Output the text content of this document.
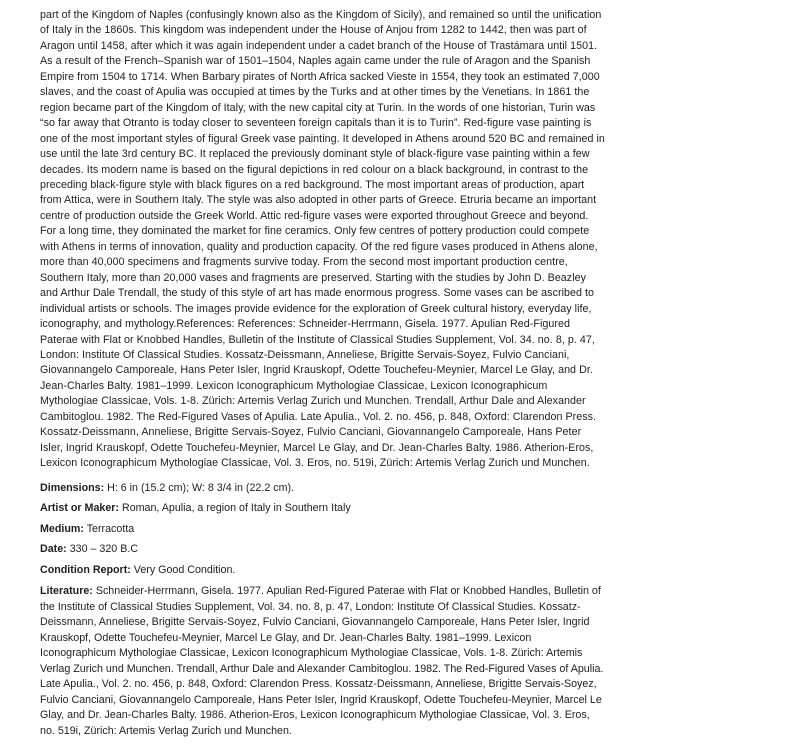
part of the Kingdom of Naples (confusingly known also as the Kingdom of Sicily), and remained so until the unification of Italy in the 1860s. This kingdom was independent under the House of Anjou from 1282 to 1442, then was part of Aragon until 1458, after which it was again independent under a cadet branch of the House of Trastámara until 1501. As a result of the French–Spanish war of 1501–1504, Naples again came under the rule of Aragon and the Spanish Empire from 1504 to 1714. When Barbary pirates of North Africa sacked Vieste in 1554, they took an estimated 7,000 slaves, and the coast of Apulia was occupied at times by the Turks and at other times by the Venetians. In 1861 the region became part of the Kingdom of Italy, with the new capital city at Turin. In the words of one historian, Turin was “so far away that Otranto is today closer to seventeen foreign capitals than it is to Turin”. Red-figure vase painting is one of the most important styles of figural Greek vase painting. It developed in Athens around 520 BC and remained in use until the late 3rd century BC. It replaced the previously dominant style of black-figure vase painting within a few decades. Its modern name is based on the figural depictions in red colour on a black background, in contrast to the preceding black-figure style with black figures on a red background. The most important areas of production, apart from Attica, were in Southern Italy. The style was also adopted in other parts of Greece. Etruria became an important centre of production outside the Greek World. Attic red-figure vases were exported throughout Greece and beyond. For a long time, they dominated the market for fine ceramics. Only few centres of pottery production could compete with Athens in terms of innovation, quality and production capacity. Of the red figure vases produced in Athens alone, more than 40,000 specimens and fragments survive today. From the second most important production centre, Southern Italy, more than 20,000 vases and fragments are preserved. Starting with the studies by John D. Beazley and Arthur Dale Trendall, the study of this style of art has made enormous progress. Some vases can be ascribed to individual artists or schools. The images provide evidence for the exploration of Greek cultural history, everyday life, iconography, and mythology.References: References: Schneider-Herrmann, Gisela. 1977. Apulian Red-Figured Paterae with Flat or Knobbed Handles, Bulletin of the Institute of Classical Studies Supplement, Vol. 34. no. 8, p. 47, London: Institute Of Classical Studies. Kossatz-Deissmann, Anneliese, Brigitte Servais-Soyez, Fulvio Canciani, Giovannangelo Camporeale, Hans Peter Isler, Ingrid Krauskopf, Odette Touchefeu-Meynier, Marcel Le Glay, and Dr. Jean-Charles Balty. 1981–1999. Lexicon Iconographicum Mythologiae Classicae, Lexicon Iconographicum Mythologiae Classicae, Vols. 1-8. Zürich: Artemis Verlag Zurich und Munchen. Trendall, Arthur Dale and Alexander Cambitoglou. 1982. The Red-Figured Vases of Apulia. Late Apulia., Vol. 2. no. 456, p. 848, Oxford: Clarendon Press. Kossatz-Deissmann, Anneliese, Brigitte Servais-Soyez, Fulvio Canciani, Giovannangelo Camporeale, Hans Peter Isler, Ingrid Krauskopf, Odette Touchefeu-Meynier, Marcel Le Glay, and Dr. Jean-Charles Balty. 1986. Atherion-Eros, Lexicon Iconographicum Mythologiae Classicae, Vol. 3. Eros, no. 519i, Zürich: Artemis Verlag Zurich und Munchen.

Dimensions: H: 6 in (15.2 cm); W: 8 3/4 in (22.2 cm).

Artist or Maker: Roman, Apulia, a region of Italy in Southern Italy

Medium: Terracotta

Date: 330 – 320 B.C

Condition Report: Very Good Condition.

Literature: Schneider-Herrmann, Gisela. 1977. Apulian Red-Figured Paterae with Flat or Knobbed Handles, Bulletin of the Institute of Classical Studies Supplement, Vol. 34. no. 8, p. 47, London: Institute Of Classical Studies. Kossatz-Deissmann, Anneliese, Brigitte Servais-Soyez, Fulvio Canciani, Giovannangelo Camporeale, Hans Peter Isler, Ingrid Krauskopf, Odette Touchefeu-Meynier, Marcel Le Glay, and Dr. Jean-Charles Balty. 1981–1999. Lexicon Iconographicum Mythologiae Classicae, Lexicon Iconographicum Mythologiae Classicae, Vols. 1-8. Zürich: Artemis Verlag Zurich und Munchen. Trendall, Arthur Dale and Alexander Cambitoglou. 1982. The Red-Figured Vases of Apulia. Late Apulia., Vol. 2. no. 456, p. 848, Oxford: Clarendon Press. Kossatz-Deissmann, Anneliese, Brigitte Servais-Soyez, Fulvio Canciani, Giovannangelo Camporeale, Hans Peter Isler, Ingrid Krauskopf, Odette Touchefeu-Meynier, Marcel Le Glay, and Dr. Jean-Charles Balty. 1986. Atherion-Eros, Lexicon Iconographicum Mythologiae Classicae, Vol. 3. Eros, no. 519i, Zürich: Artemis Verlag Zurich und Munchen.
